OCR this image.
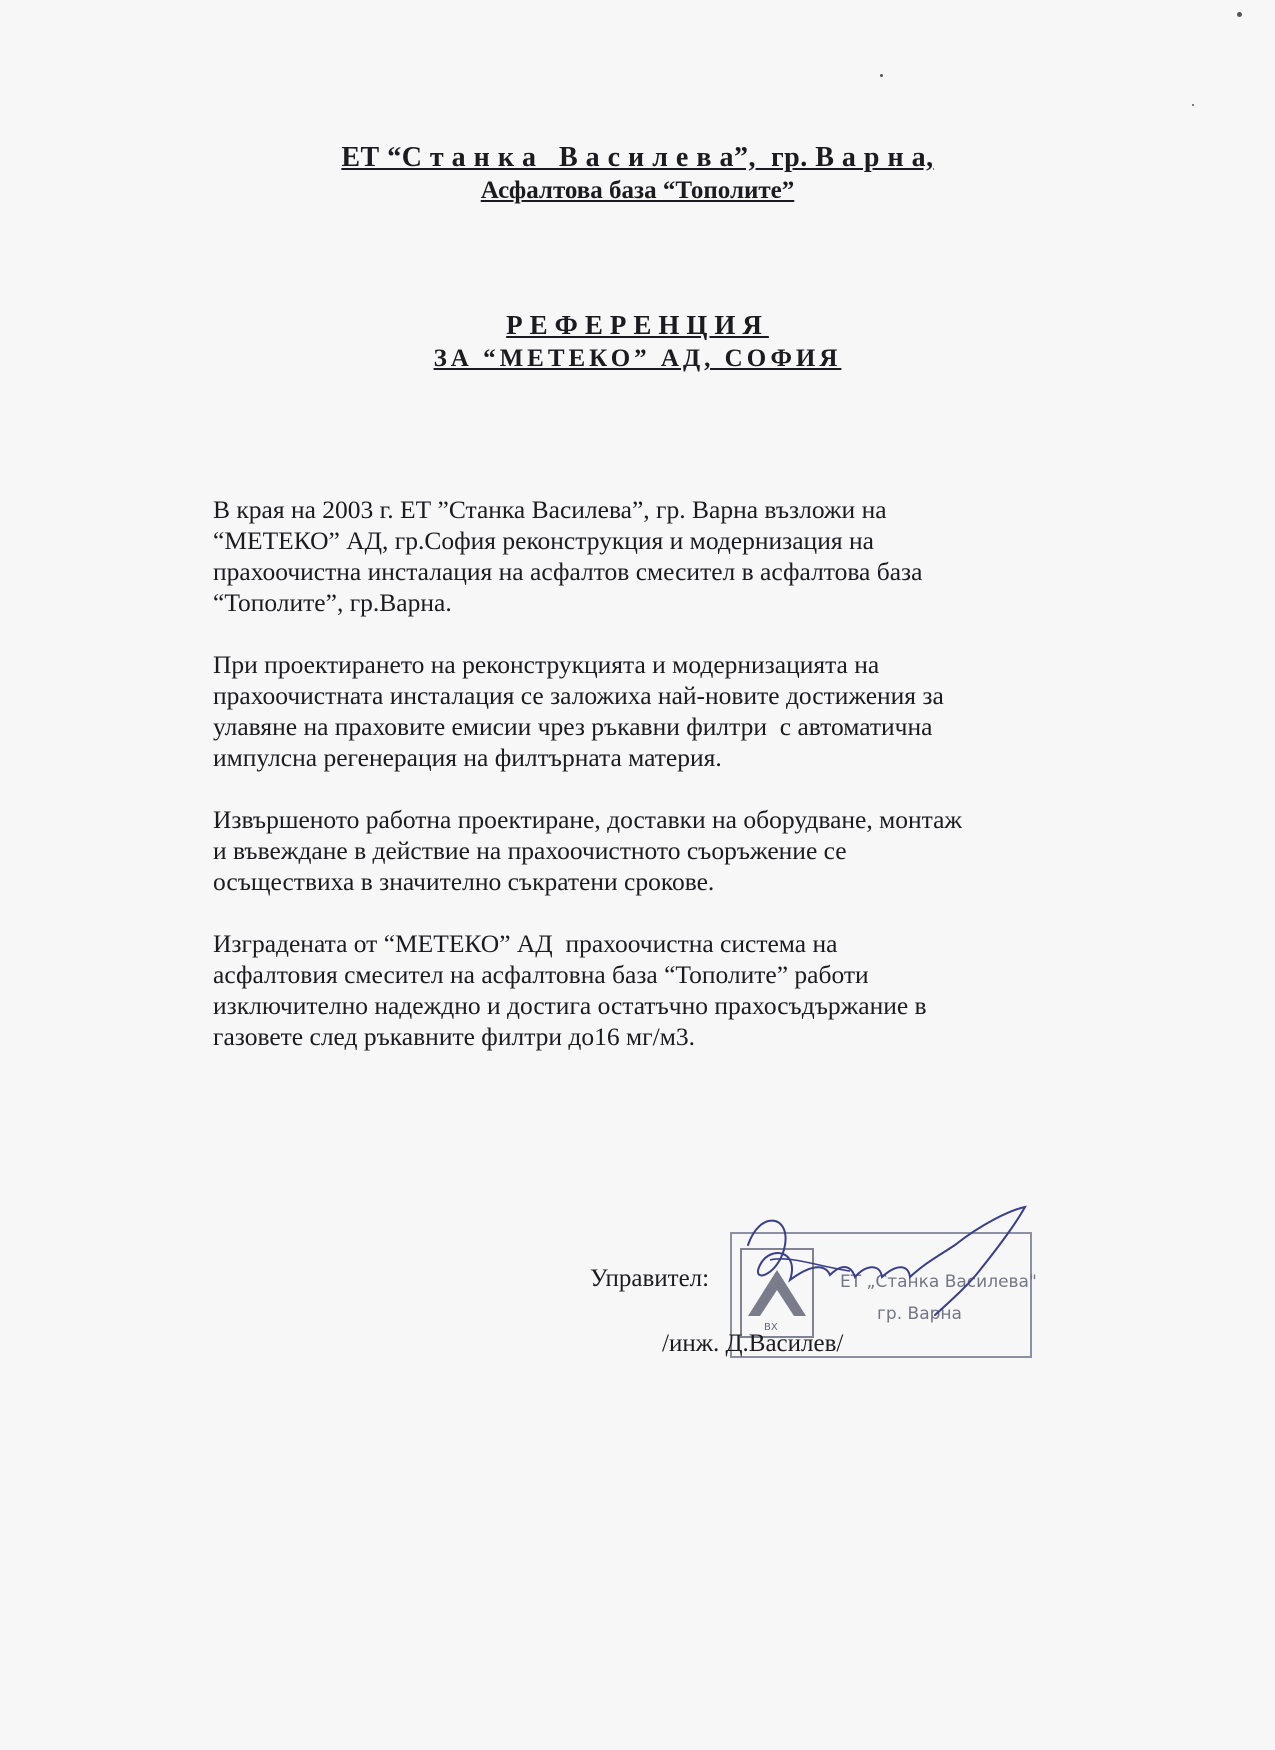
ЕТ “С т а н к а   В а с и л е в а”,  гр. В а р н а,
Асфалтова база “Тополите”
РЕФЕРЕНЦИЯ
ЗА “МЕТЕКО” АД, СОФИЯ

В края на 2003 г. ЕТ ”Станка Василева”, гр. Варна възложи на
“МЕТЕКО” АД, гр.София реконструкция и модернизация на
прахоочистна инсталация на асфалтов смесител в асфалтова база
“Тополите”, гр.Варна.

При проектирането на реконструкцията и модернизацията на
прахоочистната инсталация се заложиха най-новите достижения за
улавяне на праховите емисии чрез ръкавни филтри  с автоматична
импулсна регенерация на филтърната материя.

Извършеното работна проектиране, доставки на оборудване, монтаж
и въвеждане в действие на прахоочистното съоръжение се
осъществиха в значително съкратени срокове.

Изградената от “МЕТЕКО” АД  прахоочистна система на
асфалтовия смесител на асфалтовна база “Тополите” работи
изключително надеждно и достига остатъчно прахосъдържание в
газовете след ръкавните филтри до16 мг/м3.

ВХ
ЕТ „Станка Василева"
гр. Варна
Управител:
/инж. Д.Василев/
